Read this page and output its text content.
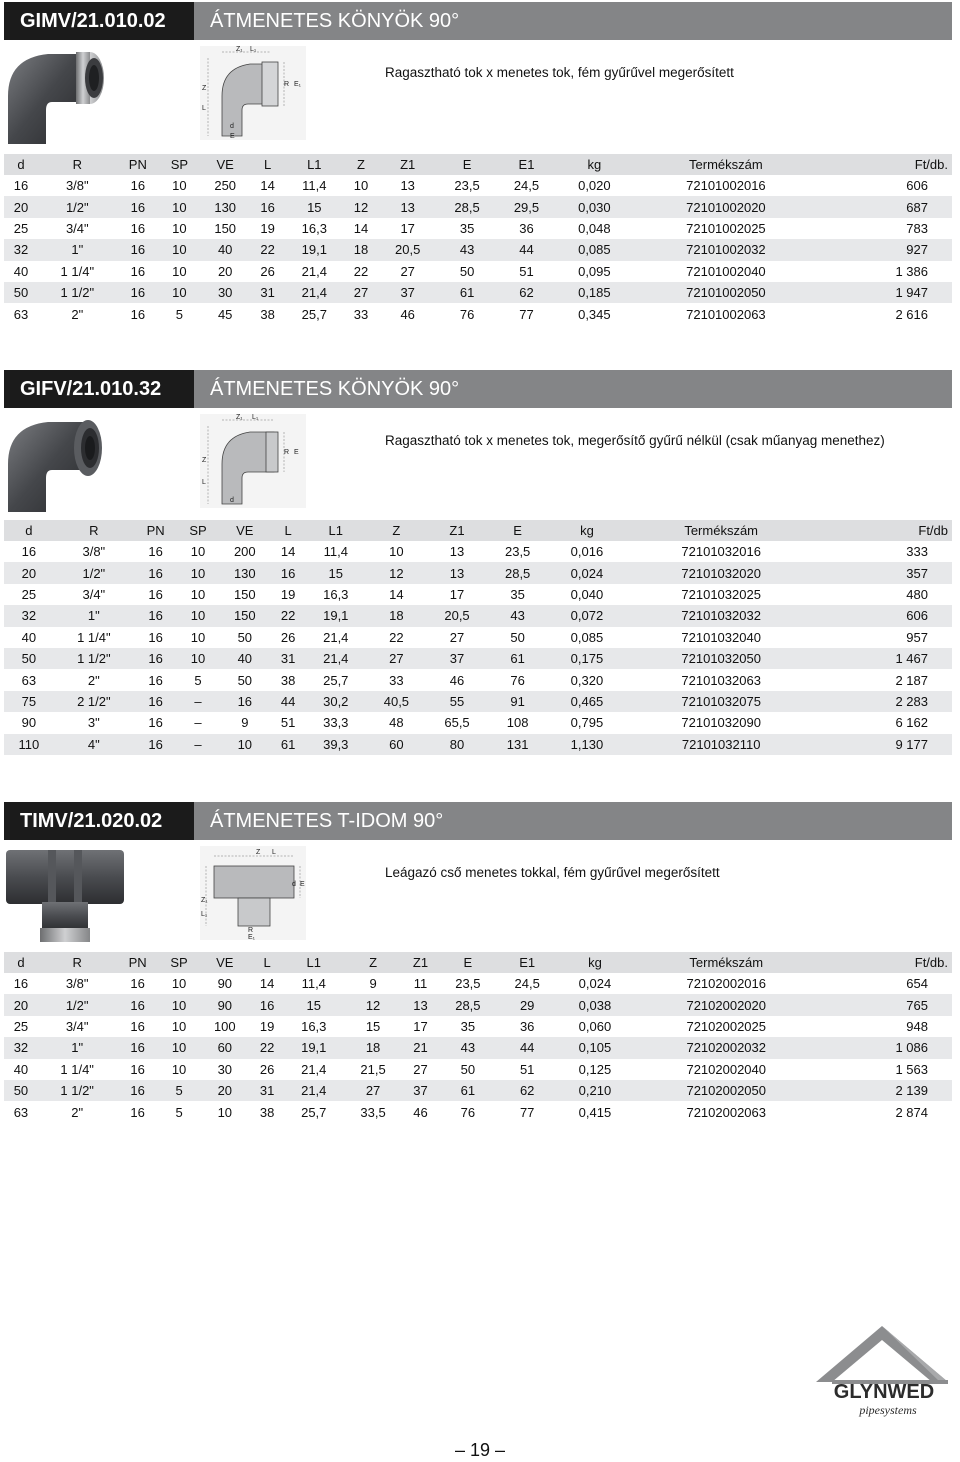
GIMV/21.010.02	ÁTMENETES KÖNYÖK 90°
Z₁ L₁
R E₁
Z
L
d
E
Ragasztható tok x menetes tok, fém gyűrűvel megerősített
d	R	PN	SP	VE	L	L1	Z	Z1	E	E1	kg	Termékszám	Ft/db.
16	3/8"	16	10	250	14	11,4	10	13	23,5	24,5	0,020	72101002016	606
20	1/2"	16	10	130	16	15	12	13	28,5	29,5	0,030	72101002020	687
25	3/4"	16	10	150	19	16,3	14	17	35	36	0,048	72101002025	783
32	1"	16	10	40	22	19,1	18	20,5	43	44	0,085	72101002032	927
40	1 1/4"	16	10	20	26	21,4	22	27	50	51	0,095	72101002040	1 386
50	1 1/2"	16	10	30	31	21,4	27	37	61	62	0,185	72101002050	1 947
63	2"	16	5	45	38	25,7	33	46	76	77	0,345	72101002063	2 616
GIFV/21.010.32	ÁTMENETES KÖNYÖK 90°
Z₁ L₁
R E
Z
L
d
Ragasztható tok x menetes tok, megerősítő gyűrű nélkül (csak műanyag menethez)
d	R	PN	SP	VE	L	L1	Z	Z1	E	kg	Termékszám	Ft/db
16	3/8"	16	10	200	14	11,4	10	13	23,5	0,016	72101032016	333
20	1/2"	16	10	130	16	15	12	13	28,5	0,024	72101032020	357
25	3/4"	16	10	150	19	16,3	14	17	35	0,040	72101032025	480
32	1"	16	10	150	22	19,1	18	20,5	43	0,072	72101032032	606
40	1 1/4"	16	10	50	26	21,4	22	27	50	0,085	72101032040	957
50	1 1/2"	16	10	40	31	21,4	27	37	61	0,175	72101032050	1 467
63	2"	16	5	50	38	25,7	33	46	76	0,320	72101032063	2 187
75	2 1/2"	16	–	16	44	30,2	40,5	55	91	0,465	72101032075	2 283
90	3"	16	–	9	51	33,3	48	65,5	108	0,795	72101032090	6 162
110	4"	16	–	10	61	39,3	60	80	131	1,130	72101032110	9 177
TIMV/21.020.02	ÁTMENETES T-IDOM 90°
Z L
d E
Z₁
L₁
R
E₁
Leágazó cső menetes tokkal, fém gyűrűvel megerősített
d	R	PN	SP	VE	L	L1	Z	Z1	E	E1	kg	Termékszám	Ft/db.
16	3/8"	16	10	90	14	11,4	9	11	23,5	24,5	0,024	72102002016	654
20	1/2"	16	10	90	16	15	12	13	28,5	29	0,038	72102002020	765
25	3/4"	16	10	100	19	16,3	15	17	35	36	0,060	72102002025	948
32	1"	16	10	60	22	19,1	18	21	43	44	0,105	72102002032	1 086
40	1 1/4"	16	10	30	26	21,4	21,5	27	50	51	0,125	72102002040	1 563
50	1 1/2"	16	5	20	31	21,4	27	37	61	62	0,210	72102002050	2 139
63	2"	16	5	10	38	25,7	33,5	46	76	77	0,415	72102002063	2 874
GLYNWED
pipesystems
– 19 –
